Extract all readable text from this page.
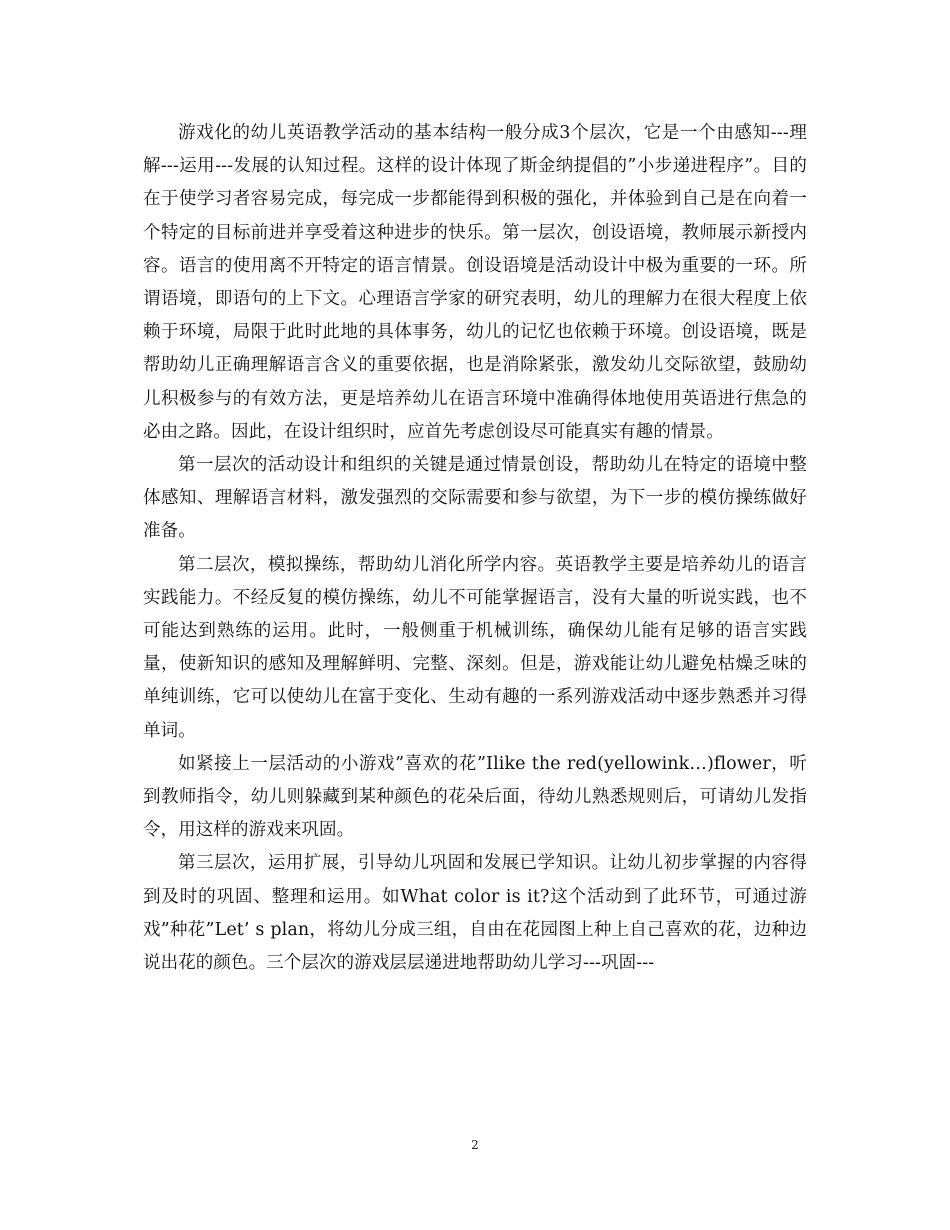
游戏化的幼儿英语教学活动的基本结构一般分成3个层次，它是一个由感知---理解---运用---发展的认知过程。这样的设计体现了斯金纳提倡的”小步递进程序”。目的在于使学习者容易完成，每完成一步都能得到积极的强化，并体验到自己是在向着一个特定的目标前进并享受着这种进步的快乐。第一层次，创设语境，教师展示新授内容。语言的使用离不开特定的语言情景。创设语境是活动设计中极为重要的一环。所谓语境，即语句的上下文。心理语言学家的研究表明，幼儿的理解力在很大程度上依赖于环境，局限于此时此地的具体事务，幼儿的记忆也依赖于环境。创设语境，既是帮助幼儿正确理解语言含义的重要依据，也是消除紧张，激发幼儿交际欲望，鼓励幼儿积极参与的有效方法，更是培养幼儿在语言环境中准确得体地使用英语进行焦急的必由之路。因此，在设计组织时，应首先考虑创设尽可能真实有趣的情景。

第一层次的活动设计和组织的关键是通过情景创设，帮助幼儿在特定的语境中整体感知、理解语言材料，激发强烈的交际需要和参与欲望，为下一步的模仿操练做好准备。

第二层次，模拟操练，帮助幼儿消化所学内容。英语教学主要是培养幼儿的语言实践能力。不经反复的模仿操练，幼儿不可能掌握语言，没有大量的听说实践，也不可能达到熟练的运用。此时，一般侧重于机械训练，确保幼儿能有足够的语言实践量，使新知识的感知及理解鲜明、完整、深刻。但是，游戏能让幼儿避免枯燥乏味的单纯训练，它可以使幼儿在富于变化、生动有趣的一系列游戏活动中逐步熟悉并习得单词。

如紧接上一层活动的小游戏”喜欢的花”Ilike the red(yellowink…)flower，听到教师指令，幼儿则躲藏到某种颜色的花朵后面，待幼儿熟悉规则后，可请幼儿发指令，用这样的游戏来巩固。

第三层次，运用扩展，引导幼儿巩固和发展已学知识。让幼儿初步掌握的内容得到及时的巩固、整理和运用。如What color is it?这个活动到了此环节，可通过游戏”种花”Let’ s plan，将幼儿分成三组，自由在花园图上种上自己喜欢的花，边种边说出花的颜色。三个层次的游戏层层递进地帮助幼儿学习---巩固---

2
